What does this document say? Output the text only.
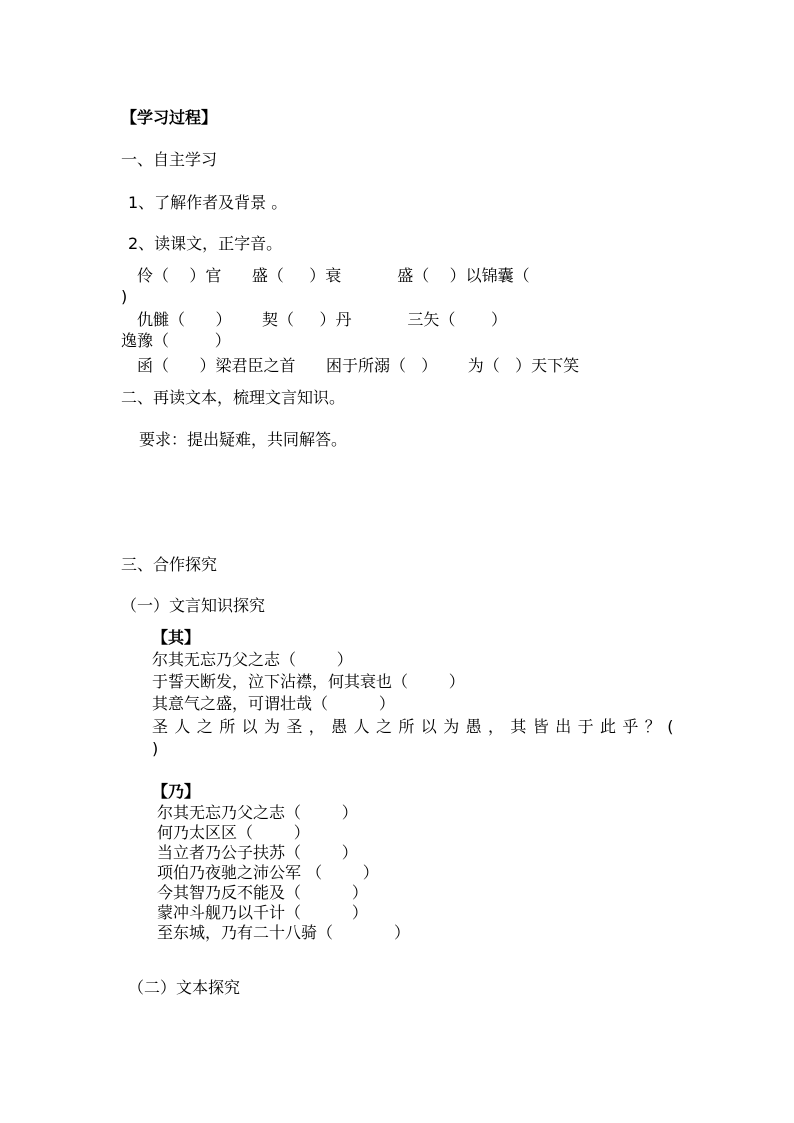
【学习过程】
一、自主学习
1、了解作者及背景 。
2、读课文，正字音。
伶（    ）官      盛（     ）衰           盛（    ）以锦囊（
)
仇雠（      ）      契（     ）丹           三矢（       ）
逸豫（         ）
函（      ）梁君臣之首      困于所溺（   ）      为（   ）天下笑
二、再读文本，梳理文言知识。
要求：提出疑难，共同解答。
三、合作探究
（一）文言知识探究
【其】
尔其无忘乃父之志（        ）
于誓天断发，泣下沾襟，何其衰也（        ）
其意气之盛，可谓壮哉（          ）
圣人之所以为圣，愚人之所以为愚，其皆出于此乎？(
)
【乃】
尔其无忘乃父之志（        ）
何乃太区区（        ）
当立者乃公子扶苏（        ）
项伯乃夜驰之沛公军 （        ）
今其智乃反不能及（          ）
蒙冲斗舰乃以千计（          ）
至东城，乃有二十八骑（            ）
（二）文本探究
